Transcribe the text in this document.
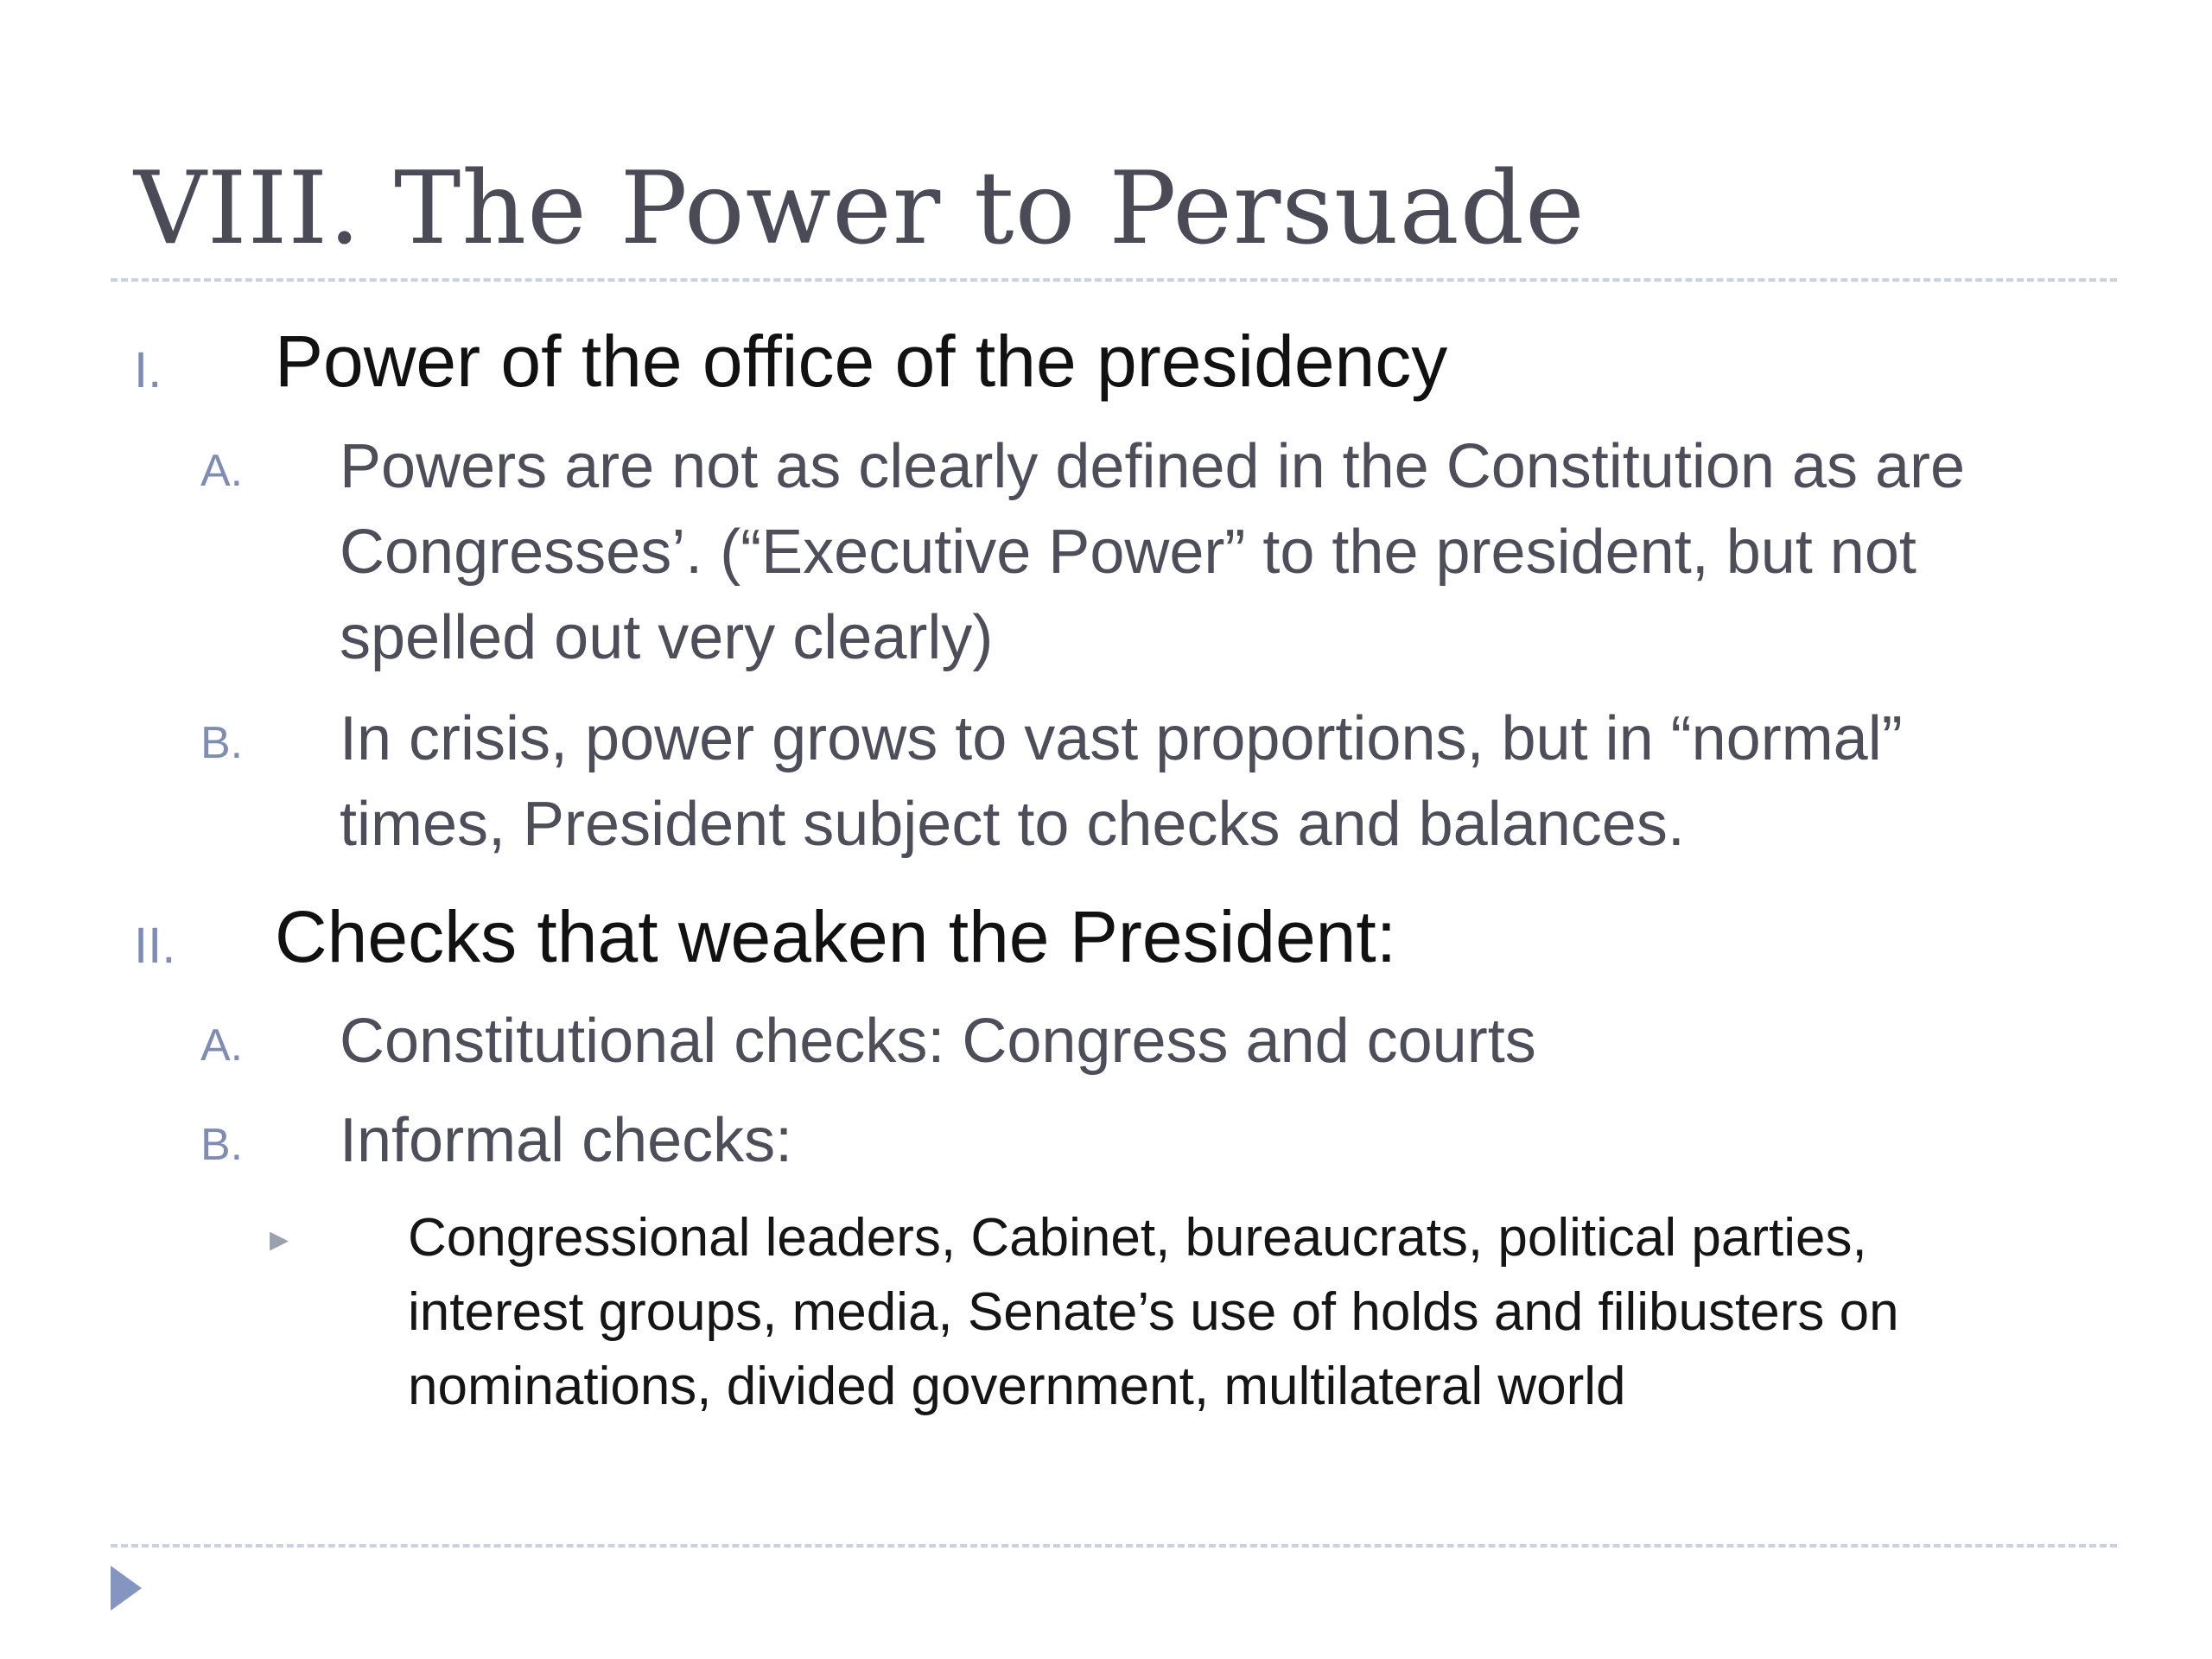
VIII. The Power to Persuade
I. Power of the office of the presidency
A. Powers are not as clearly defined in the Constitution as are
Congresses’. (“Executive Power” to the president, but not
spelled out very clearly)
B. In crisis, power grows to vast proportions, but in “normal”
times, President subject to checks and balances.
II. Checks that weaken the President:
A. Constitutional checks: Congress and courts
B. Informal checks:
▸ Congressional leaders, Cabinet, bureaucrats, political parties,
interest groups, media, Senate’s use of holds and filibusters on
nominations, divided government, multilateral world
